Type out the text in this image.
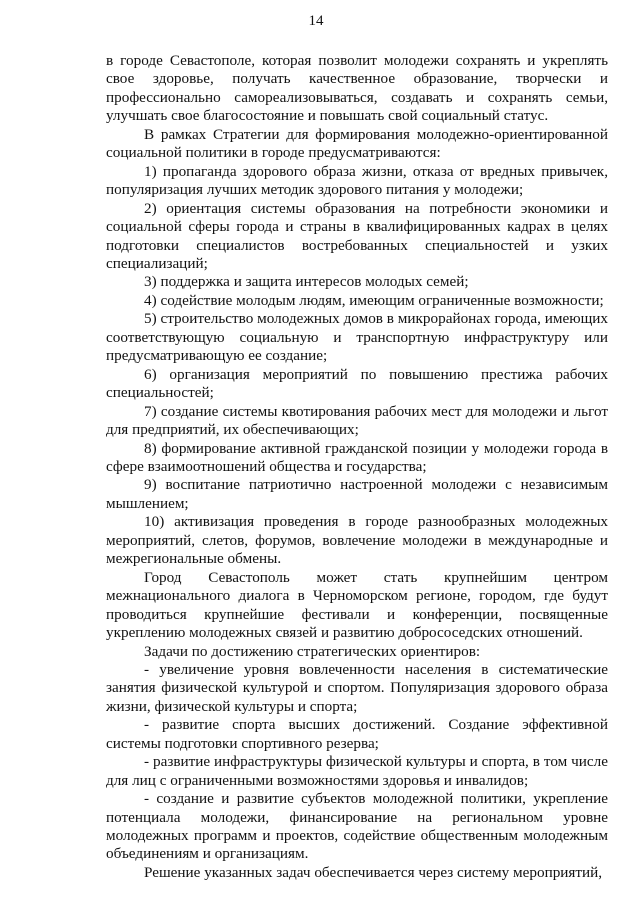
14

в городе Севастополе, которая позволит молодежи сохранять и укреплять свое здоровье, получать качественное образование, творчески и профессионально самореализовываться, создавать и сохранять семьи, улучшать свое благосостояние и повышать свой социальный статус.

В рамках Стратегии для формирования молодежно-ориентированной социальной политики в городе предусматриваются:

1) пропаганда здорового образа жизни, отказа от вредных привычек, популяризация лучших методик здорового питания у молодежи;

2) ориентация системы образования на потребности экономики и социальной сферы города и страны в квалифицированных кадрах в целях подготовки специалистов востребованных специальностей и узких специализаций;

3) поддержка и защита интересов молодых семей;

4) содействие молодым людям, имеющим ограниченные возможности;

5) строительство молодежных домов в микрорайонах города, имеющих соответствующую социальную и транспортную инфраструктуру или предусматривающую ее создание;

6) организация мероприятий по повышению престижа рабочих специальностей;

7) создание системы квотирования рабочих мест для молодежи и льгот для предприятий, их обеспечивающих;

8) формирование активной гражданской позиции у молодежи города в сфере взаимоотношений общества и государства;

9) воспитание патриотично настроенной молодежи с независимым мышлением;

10) активизация проведения в городе разнообразных молодежных мероприятий, слетов, форумов, вовлечение молодежи в международные и межрегиональные обмены.

Город Севастополь может стать крупнейшим центром межнационального диалога в Черноморском регионе, городом, где будут проводиться крупнейшие фестивали и конференции, посвященные укреплению молодежных связей и развитию добрососедских отношений.

Задачи по достижению стратегических ориентиров:

- увеличение уровня вовлеченности населения в систематические занятия физической культурой и спортом. Популяризация здорового образа жизни, физической культуры и спорта;

- развитие спорта высших достижений. Создание эффективной системы подготовки спортивного резерва;

- развитие инфраструктуры физической культуры и спорта, в том числе для лиц с ограниченными возможностями здоровья и инвалидов;

- создание и развитие субъектов молодежной политики, укрепление потенциала молодежи, финансирование на региональном уровне молодежных программ и проектов, содействие общественным молодежным объединениям и организациям.

Решение указанных задач обеспечивается через систему мероприятий,
